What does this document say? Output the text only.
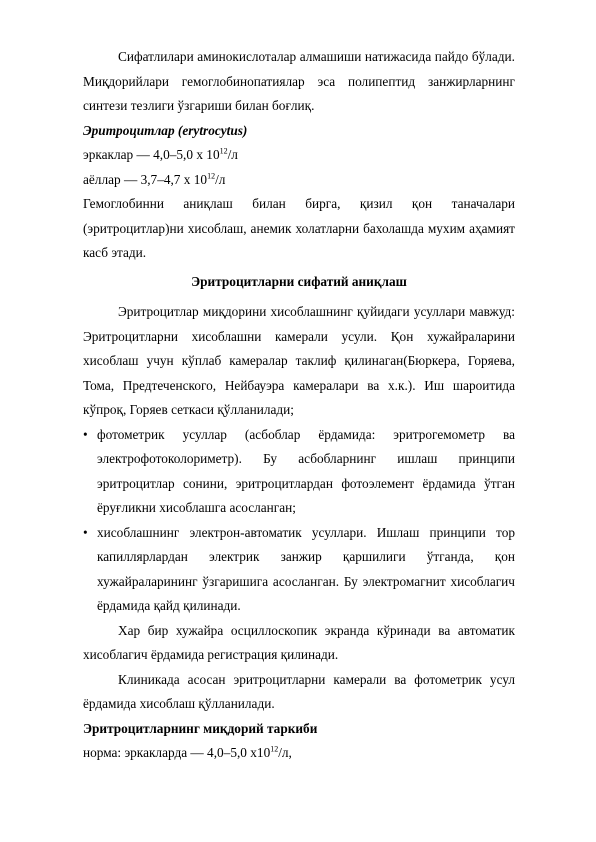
Сифатлилари аминокислоталар алмашиши натижасида пайдо бўлади. Миқдорийлари гемоглобинопатиялар эса полипептид занжирларнинг синтези тезлиги ўзгариши билан боғлиқ.

Эритроцитлар (erytrocytus)

эркаклар — 4,0–5,0 x $10^{12}/л$

аёллар — 3,7–4,7 x $10^{12}/л$

Гемоглобинни аниқлаш билан бирга, қизил қон таначалари (эритроцитлар)ни хисоблаш, анемик холатларни бахолашда мухим аҳамият касб этади.

Эритроцитларни сифатий аниқлаш

Эритроцитлар миқдорини хисоблашнинг қуйидаги усуллари мавжуд: Эритроцитларни хисоблашни камерали усули. Қон хужайраларини хисоблаш учун кўплаб камералар таклиф қилинаган(Бюркера, Горяева, Тома, Предтеченского, Нейбауэра камералари ва х.к.). Иш шароитида кўпроқ, Горяев сеткаси қўлланилади;

• фотометрик усуллар (асбоблар ёрдамида: эритрогемометр ва электрофотоколориметр). Бу асбобларнинг ишлаш принципи эритроцитлар сонини, эритроцитлардан фотоэлемент ёрдамида ўтган ёруғликни хисоблашга асосланган;
• хисоблашнинг электрон-автоматик усуллари. Ишлаш принципи тор капиллярлардан электрик занжир қаршилиги ўтганда, қон хужайраларининг ўзгаришига асосланган. Бу электромагнит хисоблагич ёрдамида қайд қилинади.

Хар бир хужайра осциллоскопик экранда кўринади ва автоматик хисоблагич ёрдамида регистрация қилинади.

Клиникада асосан эритроцитларни камерали ва фотометрик усул ёрдамида хисоблаш қўлланилади.

Эритроцитларнинг миқдорий таркиби

норма: эркакларда — 4,0–5,0 $x10^{12}/л$,
